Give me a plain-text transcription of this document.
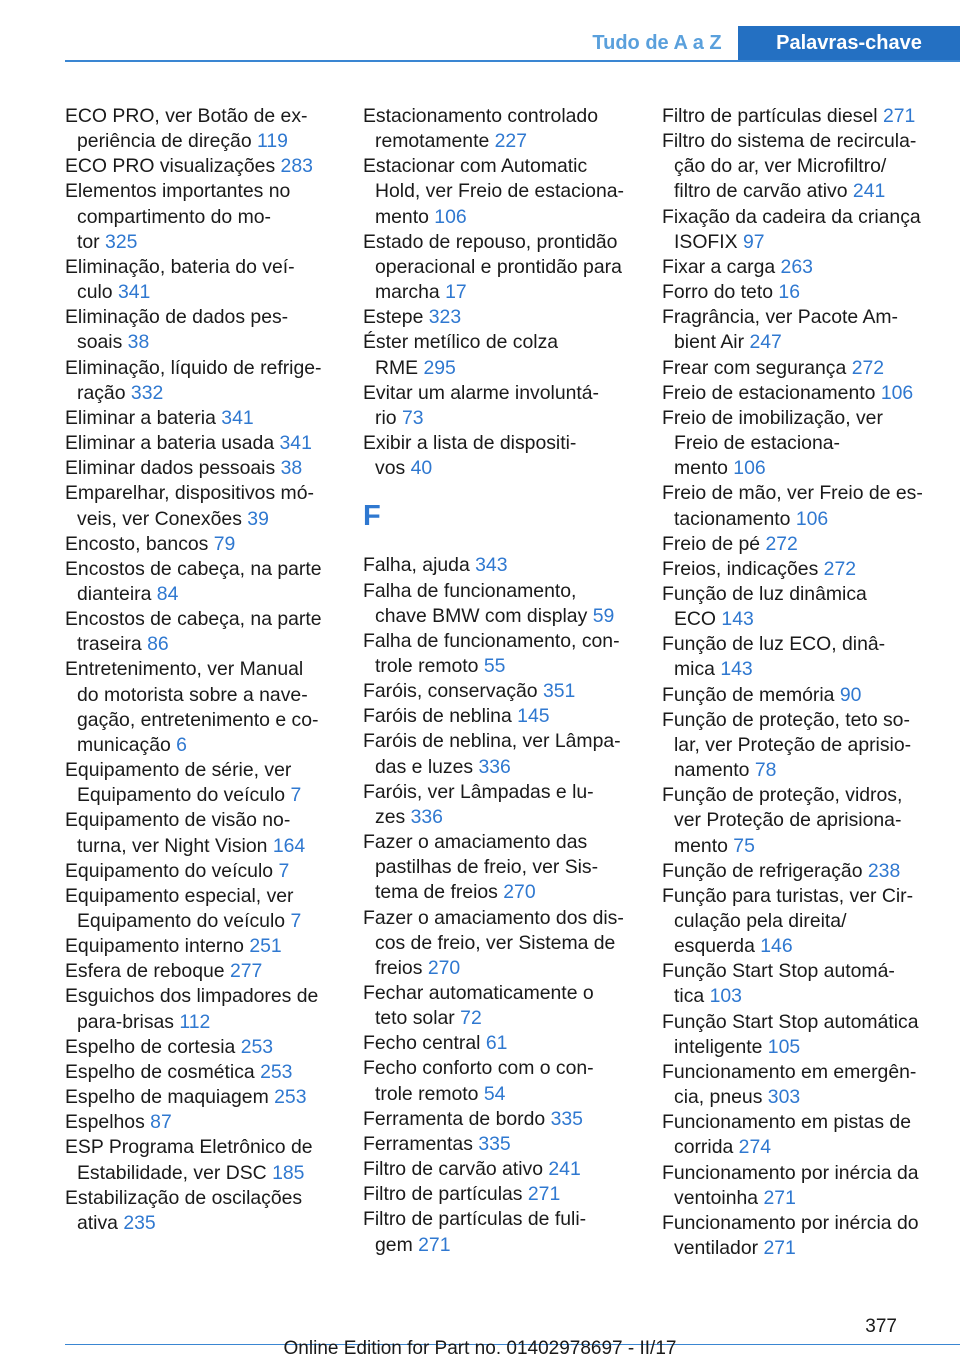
Tudo de A a Z	Palavras-chave
ECO PRO, ver Botão de ex-
periência de direção 119
ECO PRO visualizações 283
Elementos importantes no
compartimento do mo-
tor 325
Eliminação, bateria do veí-
culo 341
Eliminação de dados pes-
soais 38
Eliminação, líquido de refrige-
ração 332
Eliminar a bateria 341
Eliminar a bateria usada 341
Eliminar dados pessoais 38
Emparelhar, dispositivos mó-
veis, ver Conexões 39
Encosto, bancos 79
Encostos de cabeça, na parte
dianteira 84
Encostos de cabeça, na parte
traseira 86
Entretenimento, ver Manual
do motorista sobre a nave-
gação, entretenimento e co-
municação 6
Equipamento de série, ver
Equipamento do veículo 7
Equipamento de visão no-
turna, ver Night Vision 164
Equipamento do veículo 7
Equipamento especial, ver
Equipamento do veículo 7
Equipamento interno 251
Esfera de reboque 277
Esguichos dos limpadores de
para-brisas 112
Espelho de cortesia 253
Espelho de cosmética 253
Espelho de maquiagem 253
Espelhos 87
ESP Programa Eletrônico de
Estabilidade, ver DSC 185
Estabilização de oscilações
ativa 235
Estacionamento controlado
remotamente 227
Estacionar com Automatic
Hold, ver Freio de estaciona-
mento 106
Estado de repouso, prontidão
operacional e prontidão para
marcha 17
Estepe 323
Éster metílico de colza
RME 295
Evitar um alarme involuntá-
rio 73
Exibir a lista de dispositi-
vos 40
F
Falha, ajuda 343
Falha de funcionamento,
chave BMW com display 59
Falha de funcionamento, con-
trole remoto 55
Faróis, conservação 351
Faróis de neblina 145
Faróis de neblina, ver Lâmpa-
das e luzes 336
Faróis, ver Lâmpadas e lu-
zes 336
Fazer o amaciamento das
pastilhas de freio, ver Sis-
tema de freios 270
Fazer o amaciamento dos dis-
cos de freio, ver Sistema de
freios 270
Fechar automaticamente o
teto solar 72
Fecho central 61
Fecho conforto com o con-
trole remoto 54
Ferramenta de bordo 335
Ferramentas 335
Filtro de carvão ativo 241
Filtro de partículas 271
Filtro de partículas de fuli-
gem 271
Filtro de partículas diesel 271
Filtro do sistema de recircula-
ção do ar, ver Microfiltro/
filtro de carvão ativo 241
Fixação da cadeira da criança
ISOFIX 97
Fixar a carga 263
Forro do teto 16
Fragrância, ver Pacote Am-
bient Air 247
Frear com segurança 272
Freio de estacionamento 106
Freio de imobilização, ver
Freio de estaciona-
mento 106
Freio de mão, ver Freio de es-
tacionamento 106
Freio de pé 272
Freios, indicações 272
Função de luz dinâmica
ECO 143
Função de luz ECO, dinâ-
mica 143
Função de memória 90
Função de proteção, teto so-
lar, ver Proteção de aprisio-
namento 78
Função de proteção, vidros,
ver Proteção de aprisiona-
mento 75
Função de refrigeração 238
Função para turistas, ver Cir-
culação pela direita/
esquerda 146
Função Start Stop automá-
tica 103
Função Start Stop automática
inteligente 105
Funcionamento em emergên-
cia, pneus 303
Funcionamento em pistas de
corrida 274
Funcionamento por inércia da
ventoinha 271
Funcionamento por inércia do
ventilador 271
377
Online Edition for Part no. 01402978697 - II/17
